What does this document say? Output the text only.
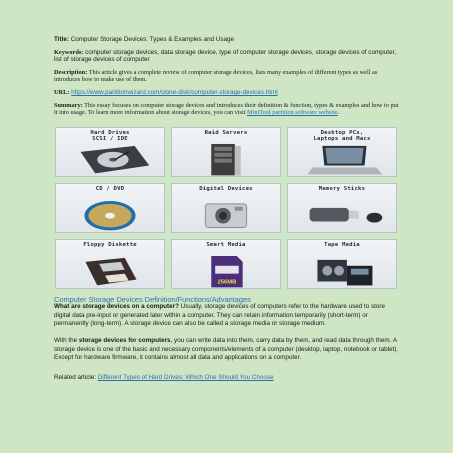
Title: Computer Storage Devices: Types & Examples and Usage

Keywords: computer storage devices, data storage device, type of computer storage devices, storage devices of computer, list of storage devices of computer

Description: This article gives a complete review of computer storage devices, lists many examples of different types as well as introduces how to make use of them.

URL: https://www.partitionwizard.com/clone-disk/computer-storage-devices.html

Summary: This essay focuses on computer storage devices and introduces their definition & function, types & examples and how to put it into usage. To learn more information about storage devices, you can visit MiniTool partition software website.

Hard Drives
SCSI / IDE
Raid Servers	Desktop PCs,
Laptops and Macs
CD / DVD	Digital Devices	Memory Sticks
Floppy Diskette	Smart Media
256MB
Tape Media
Computer Storage Devices Definition/Functions/Advantages

What are storage devices on a computer? Usually, storage devices of computers refer to the hardware used to store digital data pre-input or generated later within a computer. They can retain information temporarily (short-term) or permanently (long-term). A storage device can also be called a storage media or storage medium.

With the storage devices for computers, you can write data into them, carry data by them, and read data through them. A storage device is one of the basic and necessary components/elements of a computer (desktop, laptop, notebook or tablet). Except for hardware firmware, it contains almost all data and applications on a computer.

Related article: Different Types of Hard Drives: Which One Should You Choose
